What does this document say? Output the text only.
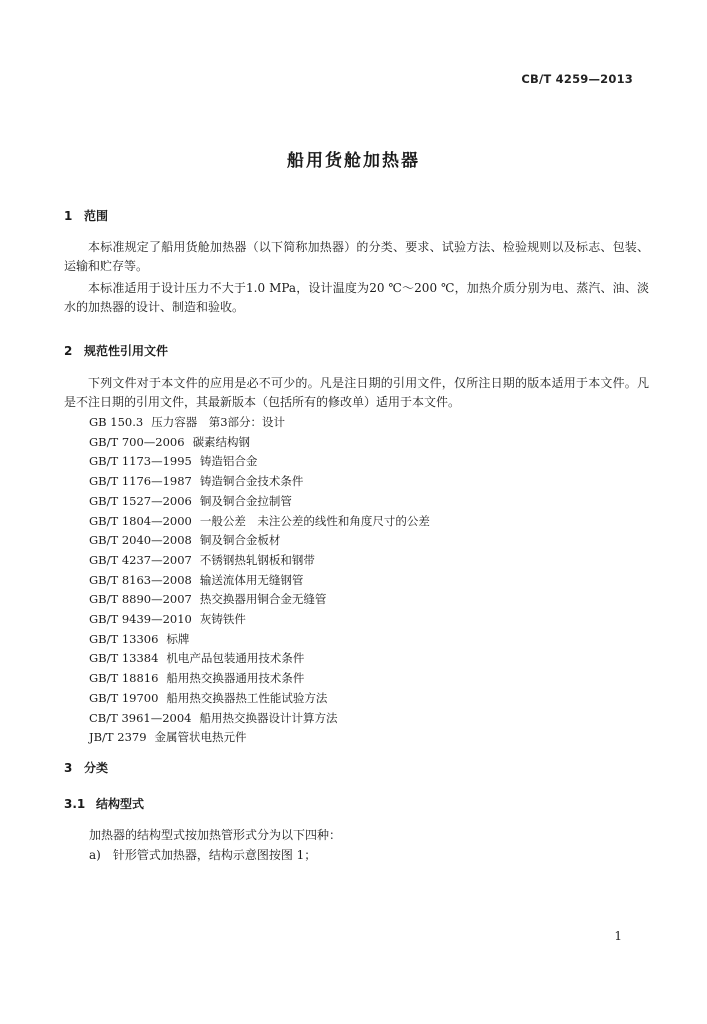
CB/T 4259—2013
船用货舱加热器
1 范围
本标准规定了船用货舱加热器（以下简称加热器）的分类、要求、试验方法、检验规则以及标志、包装、运输和贮存等。
本标准适用于设计压力不大于1.0 MPa，设计温度为20 ℃～200 ℃，加热介质分别为电、蒸汽、油、淡水的加热器的设计、制造和验收。
2 规范性引用文件
下列文件对于本文件的应用是必不可少的。凡是注日期的引用文件，仅所注日期的版本适用于本文件。凡是不注日期的引用文件，其最新版本（包括所有的修改单）适用于本文件。
GB 150.3 压力容器　第3部分：设计
GB/T 700—2006 碳素结构钢
GB/T 1173—1995 铸造铝合金
GB/T 1176—1987 铸造铜合金技术条件
GB/T 1527—2006 铜及铜合金拉制管
GB/T 1804—2000 一般公差　未注公差的线性和角度尺寸的公差
GB/T 2040—2008 铜及铜合金板材
GB/T 4237—2007 不锈钢热轧钢板和钢带
GB/T 8163—2008 输送流体用无缝钢管
GB/T 8890—2007 热交换器用铜合金无缝管
GB/T 9439—2010 灰铸铁件
GB/T 13306 标牌
GB/T 13384 机电产品包装通用技术条件
GB/T 18816 船用热交换器通用技术条件
GB/T 19700 船用热交换器热工性能试验方法
CB/T 3961—2004 船用热交换器设计计算方法
JB/T 2379 金属管状电热元件
3 分类
3.1 结构型式
加热器的结构型式按加热管形式分为以下四种：
a)　针形管式加热器，结构示意图按图 1；
1
